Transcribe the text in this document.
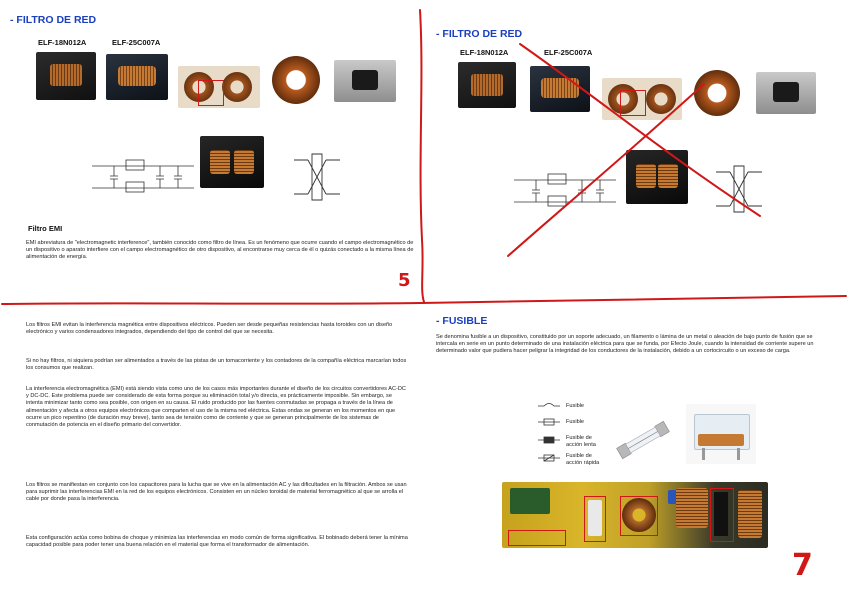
- FILTRO DE RED
ELF-18N012A	ELF-25C007A
Filtro EMI

EMI abreviatura de "electromagnetic interference", también conocido como filtro de línea. Es un fenómeno que ocurre cuando el campo electromagnético de un dispositivo o aparato interfiere con el campo electromagnético de otro dispositivo, al encontrarse muy cerca de él o quizás conectado a la misma línea de alimentación de energía.

5
- FILTRO DE RED
ELF-18N012A	ELF-25C007A

Los filtros EMI evitan la interferencia magnética entre dispositivos eléctricos. Pueden ser desde pequeñas resistencias hasta toroides con un diseño electrónico y varios condensadores integrados, dependiendo del tipo de control del que se necesita.

Si no hay filtros, ni siquiera podrían ser alimentados a través de las pistas de un tomacorriente y los contadores de la compañía eléctrica marcarían todos los consumos que realizan.

La interferencia electromagnética (EMI) está siendo vista como uno de los casos más importantes durante el diseño de los circuitos convertidores AC-DC y DC-DC. Este problema puede ser considerado de esta forma porque su eliminación total y/o directa, es prácticamente imposible. Sin embargo, se intenta minimizar tanto como sea posible, con origen en su causa. El ruido producido por las fuentes conmutadas se propaga a través de la línea de alimentación y afecta a otros equipos electrónicos que comparten el uso de la misma red eléctrica. Estas ondas se generan en los momentos en que ocurre un pico repentino (de duración muy breve), tanto sea de tensión como de corriente y que se generan principalmente de los sistemas de conmutación de potencia en el diseño primario del convertidor.

Los filtros se manifiestan en conjunto con los capacitores para la lucha que se vive en la alimentación AC y las dificultades en la filtración. Ambos se usan para suprimir las interferencias EMI en la red de los equipos electrónicos. Consisten en un núcleo toroidal de material ferromagnético al que se arrolla el cable por donde pasa la interferencia.

Esta configuración actúa como bobina de choque y minimiza las interferencias en modo común de forma significativa. El bobinado deberá tener la mínima capacidad posible para poder tener una buena relación en el material que forma el transformador de alimentación.

- FUSIBLE

Se denomina fusible a un dispositivo, constituido por un soporte adecuado, un filamento o lámina de un metal o aleación de bajo punto de fusión que se intercala en serie en un punto determinado de una instalación eléctrica para que se funda, por Efecto Joule, cuando la intensidad de corriente supere un determinado valor que pudiera hacer peligrar la integridad de los conductores de la instalación, debido a un cortocircuito o un exceso de carga.

Fusible
Fusible
Fusible de acción lenta
Fusible de acción rápida
7
